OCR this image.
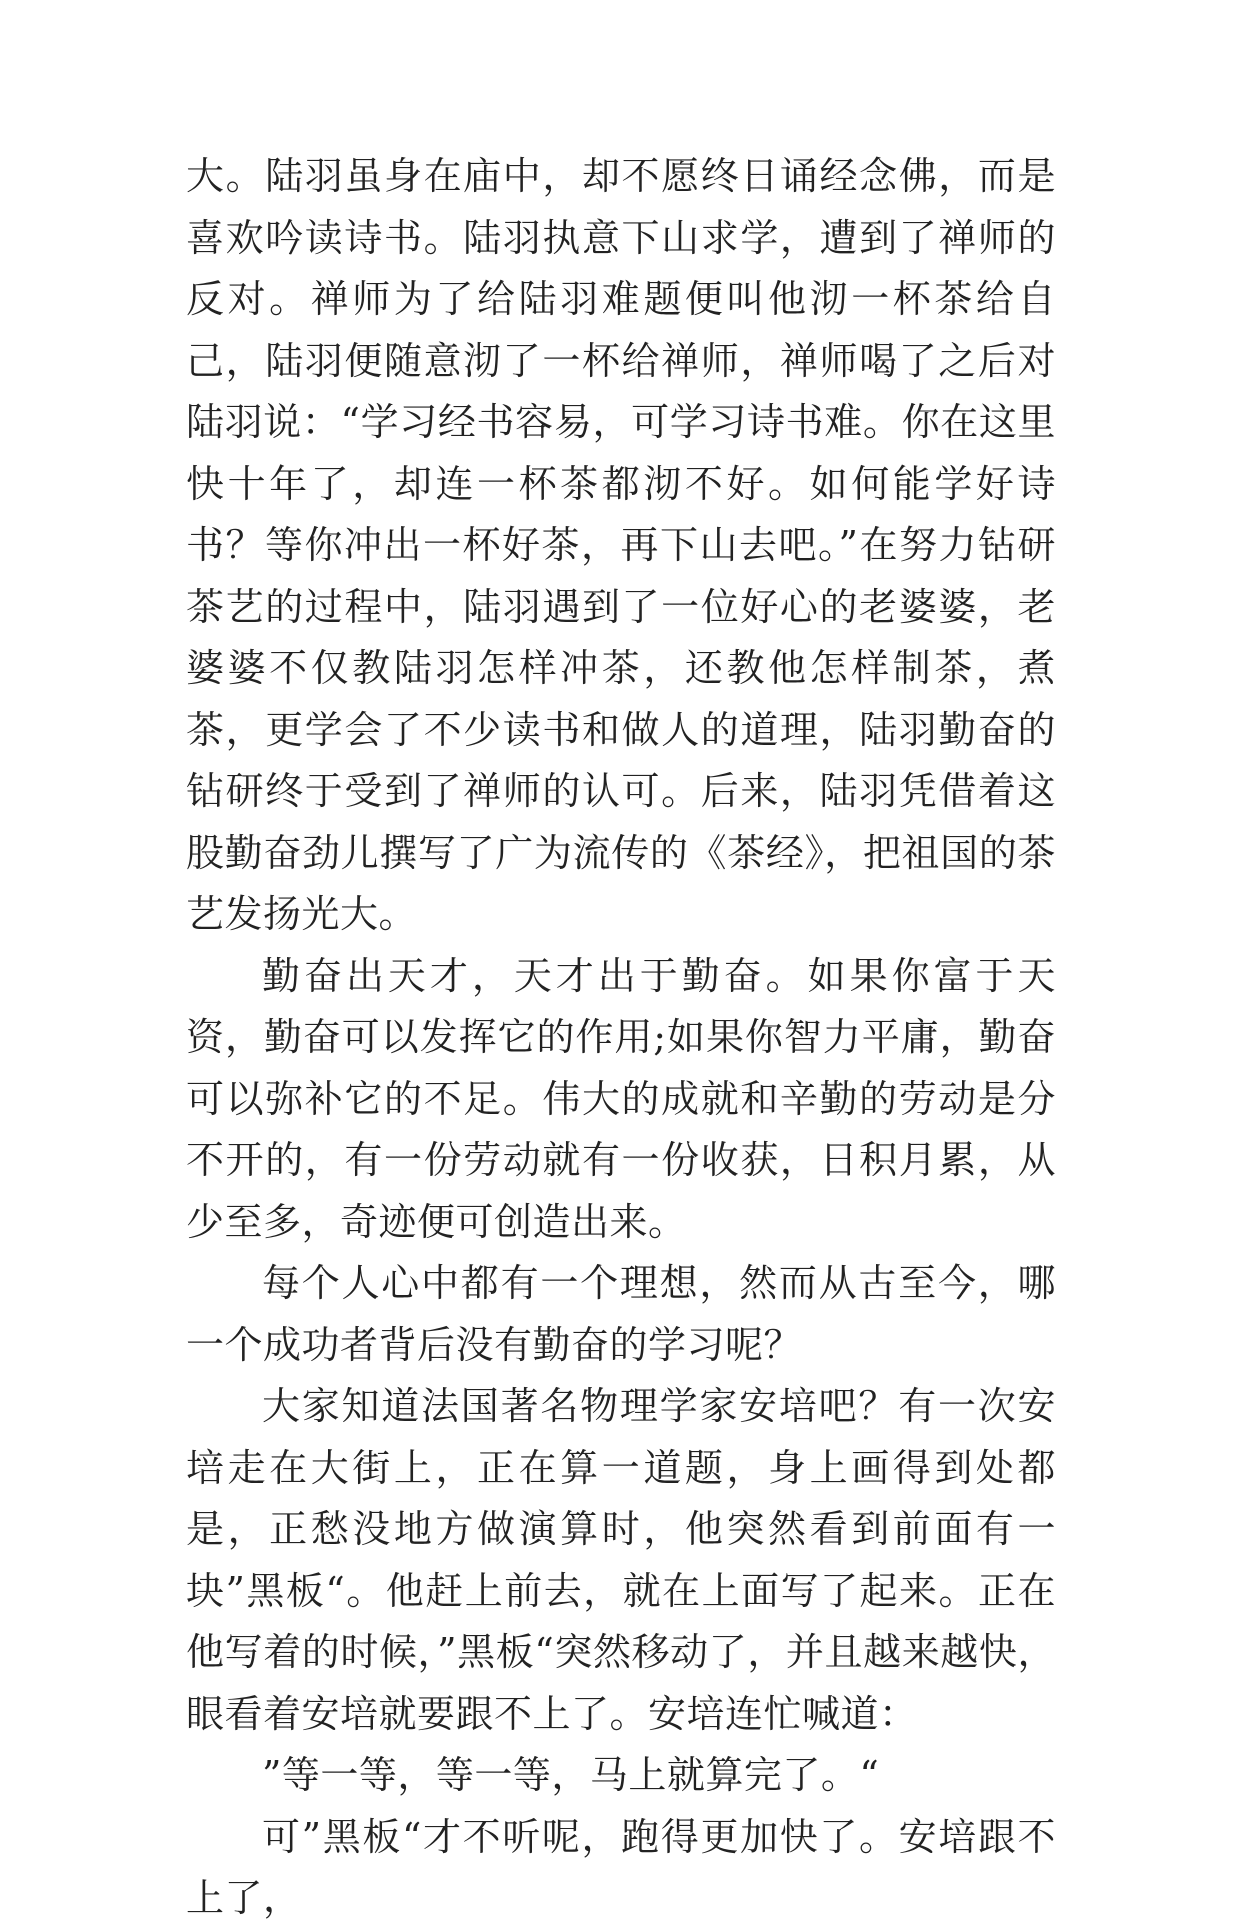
大。陆羽虽身在庙中，却不愿终日诵经念佛，而是喜欢吟读诗书。陆羽执意下山求学，遭到了禅师的反对。禅师为了给陆羽难题便叫他沏一杯茶给自己，陆羽便随意沏了一杯给禅师，禅师喝了之后对陆羽说：“学习经书容易，可学习诗书难。你在这里快十年了，却连一杯茶都沏不好。如何能学好诗书？等你冲出一杯好茶，再下山去吧。”在努力钻研茶艺的过程中，陆羽遇到了一位好心的老婆婆，老婆婆不仅教陆羽怎样冲茶，还教他怎样制茶，煮茶，更学会了不少读书和做人的道理，陆羽勤奋的钻研终于受到了禅师的认可。后来，陆羽凭借着这股勤奋劲儿撰写了广为流传的《茶经》，把祖国的茶艺发扬光大。

勤奋出天才，天才出于勤奋。如果你富于天资，勤奋可以发挥它的作用;如果你智力平庸，勤奋可以弥补它的不足。伟大的成就和辛勤的劳动是分不开的，有一份劳动就有一份收获，日积月累，从少至多，奇迹便可创造出来。

每个人心中都有一个理想，然而从古至今，哪一个成功者背后没有勤奋的学习呢？

大家知道法国著名物理学家安培吧？有一次安培走在大街上，正在算一道题，身上画得到处都是，正愁没地方做演算时，他突然看到前面有一块”黑板“。他赶上前去，就在上面写了起来。正在他写着的时候，”黑板“突然移动了，并且越来越快，眼看着安培就要跟不上了。安培连忙喊道：

”等一等，等一等，马上就算完了。“

可”黑板“才不听呢，跑得更加快了。安培跟不上了，
